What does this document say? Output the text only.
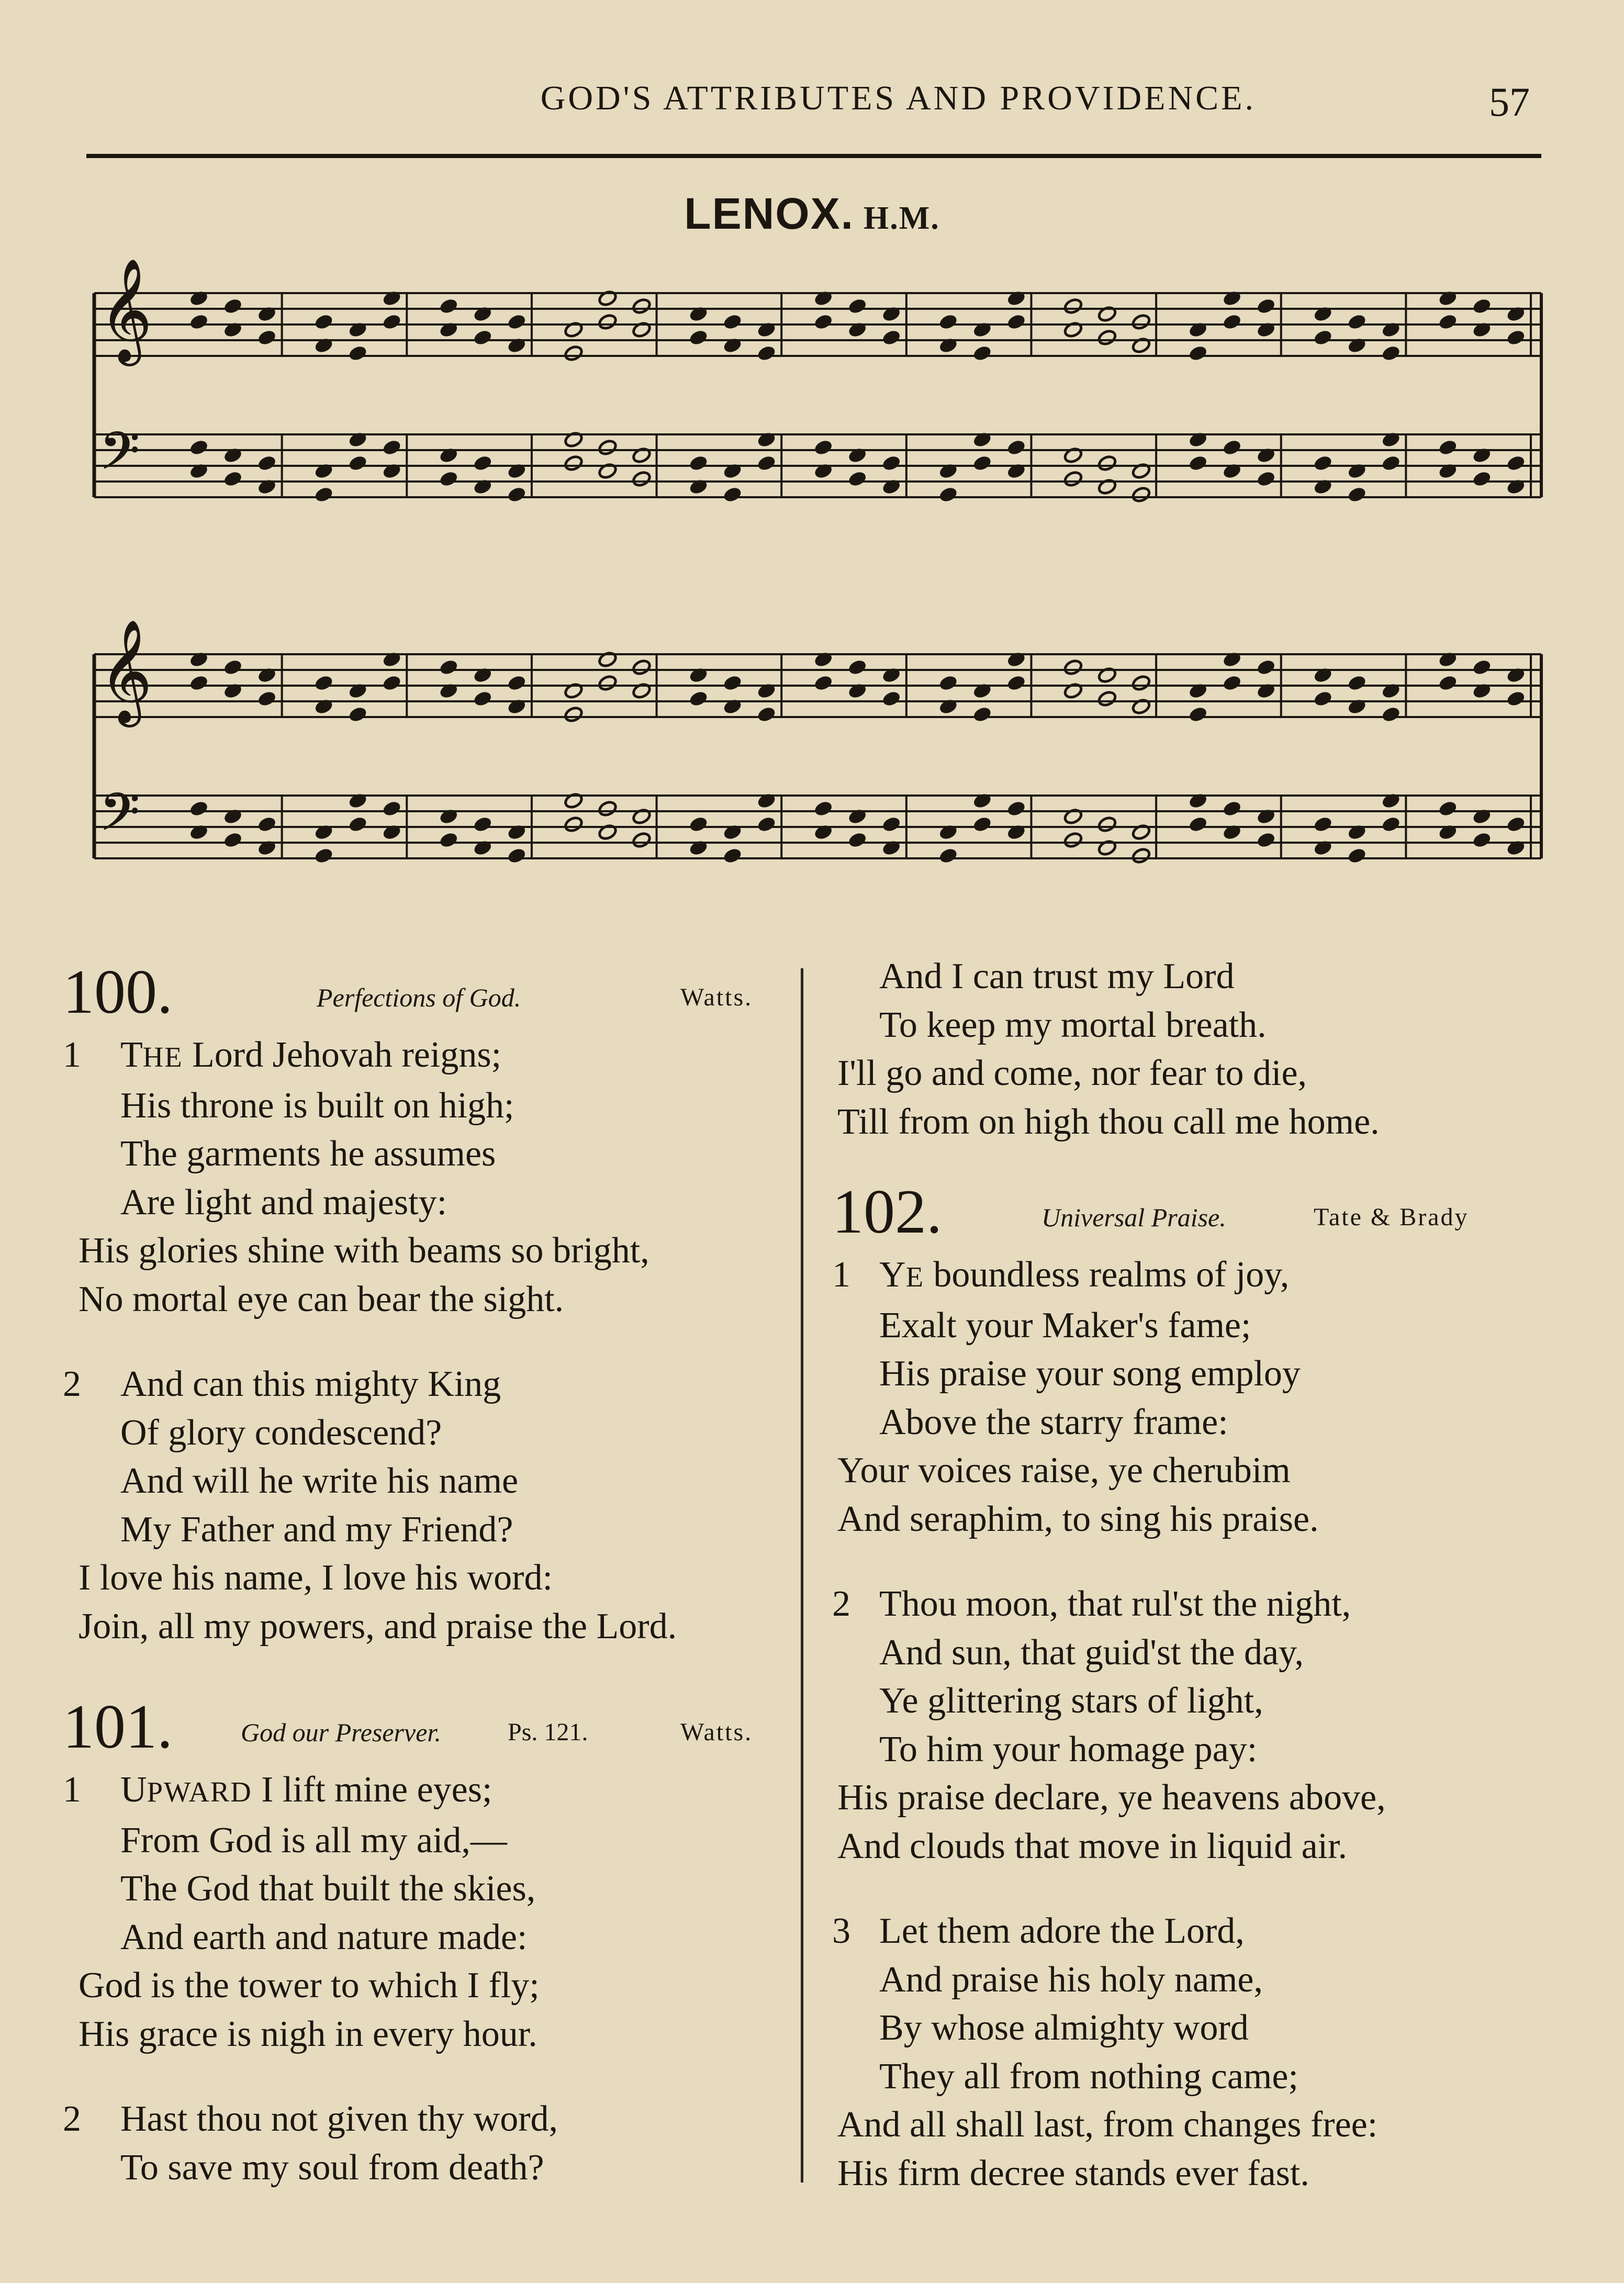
GOD'S ATTRIBUTES AND PROVIDENCE.	57
LENOX. H.M.
𝄞
𝄞
𝄢
𝄢
100.	Perfections of God.	Watts.
1	THE Lord Jehovah reigns;
His throne is built on high;
The garments he assumes
Are light and majesty:
His glories shine with beams so bright,
No mortal eye can bear the sight.
2	And can this mighty King
Of glory condescend?
And will he write his name
My Father and my Friend?
I love his name, I love his word:
Join, all my powers, and praise the Lord.
101.	God our Preserver.	Ps. 121.	Watts.
1	UPWARD I lift mine eyes;
From God is all my aid,—
The God that built the skies,
And earth and nature made:
God is the tower to which I fly;
His grace is nigh in every hour.
2	Hast thou not given thy word,
To save my soul from death?
And I can trust my Lord
To keep my mortal breath.
I'll go and come, nor fear to die,
Till from on high thou call me home.
102.	Universal Praise.	Tate & Brady
1 YE boundless realms of joy,
Exalt your Maker's fame;
His praise your song employ
Above the starry frame:
Your voices raise, ye cherubim
And seraphim, to sing his praise.
2 Thou moon, that rul'st the night,
And sun, that guid'st the day,
Ye glittering stars of light,
To him your homage pay:
His praise declare, ye heavens above,
And clouds that move in liquid air.
3 Let them adore the Lord,
And praise his holy name,
By whose almighty word
They all from nothing came;
And all shall last, from changes free:
His firm decree stands ever fast.
